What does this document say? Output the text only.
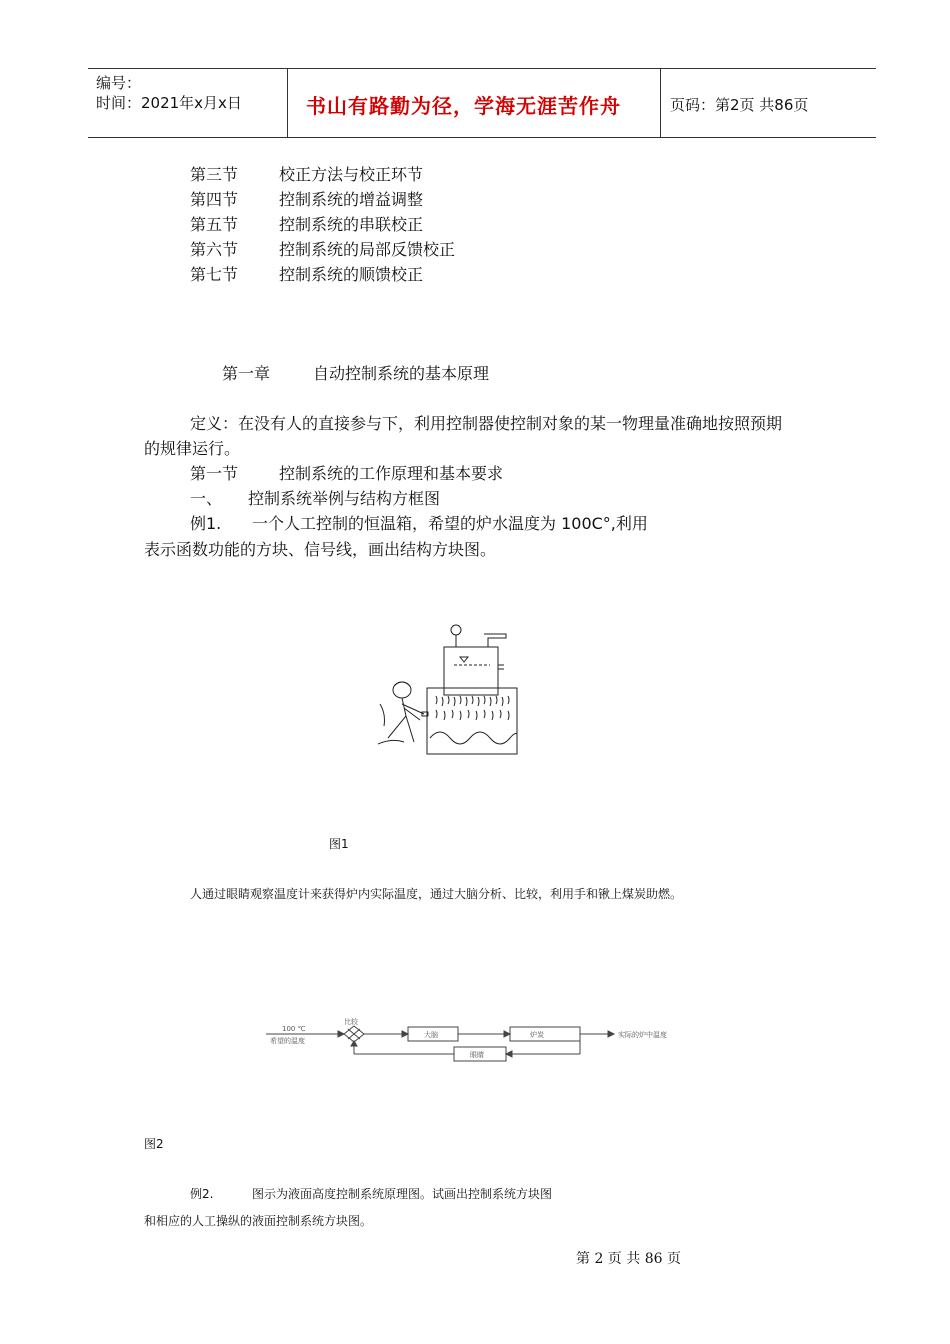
编号：
时间：2021年x月x日	书山有路勤为径，学海无涯苦作舟	页码：第2页 共86页
第三节	校正方法与校正环节
第四节	控制系统的增益调整
第五节	控制系统的串联校正
第六节	控制系统的局部反馈校正
第七节	控制系统的顺馈校正
第一章	自动控制系统的基本原理
定义：在没有人的直接参与下，利用控制器使控制对象的某一物理量准确地按照预期
的规律运行。
第一节	控制系统的工作原理和基本要求
一、 控制系统举例与结构方框图
例1. 一个人工控制的恒温箱，希望的炉水温度为 100C°,利用
表示函数功能的方块、信号线，画出结构方块图。
图1
人通过眼睛观察温度计来获得炉内实际温度，通过大脑分析、比较，利用手和锹上煤炭助燃。
100 ℃
希望的温度
比较
大脑	炉炭
眼睛
实际的炉中温度
图2
例2.	图示为液面高度控制系统原理图。试画出控制系统方块图
和相应的人工操纵的液面控制系统方块图。
第 2 页 共 86 页
